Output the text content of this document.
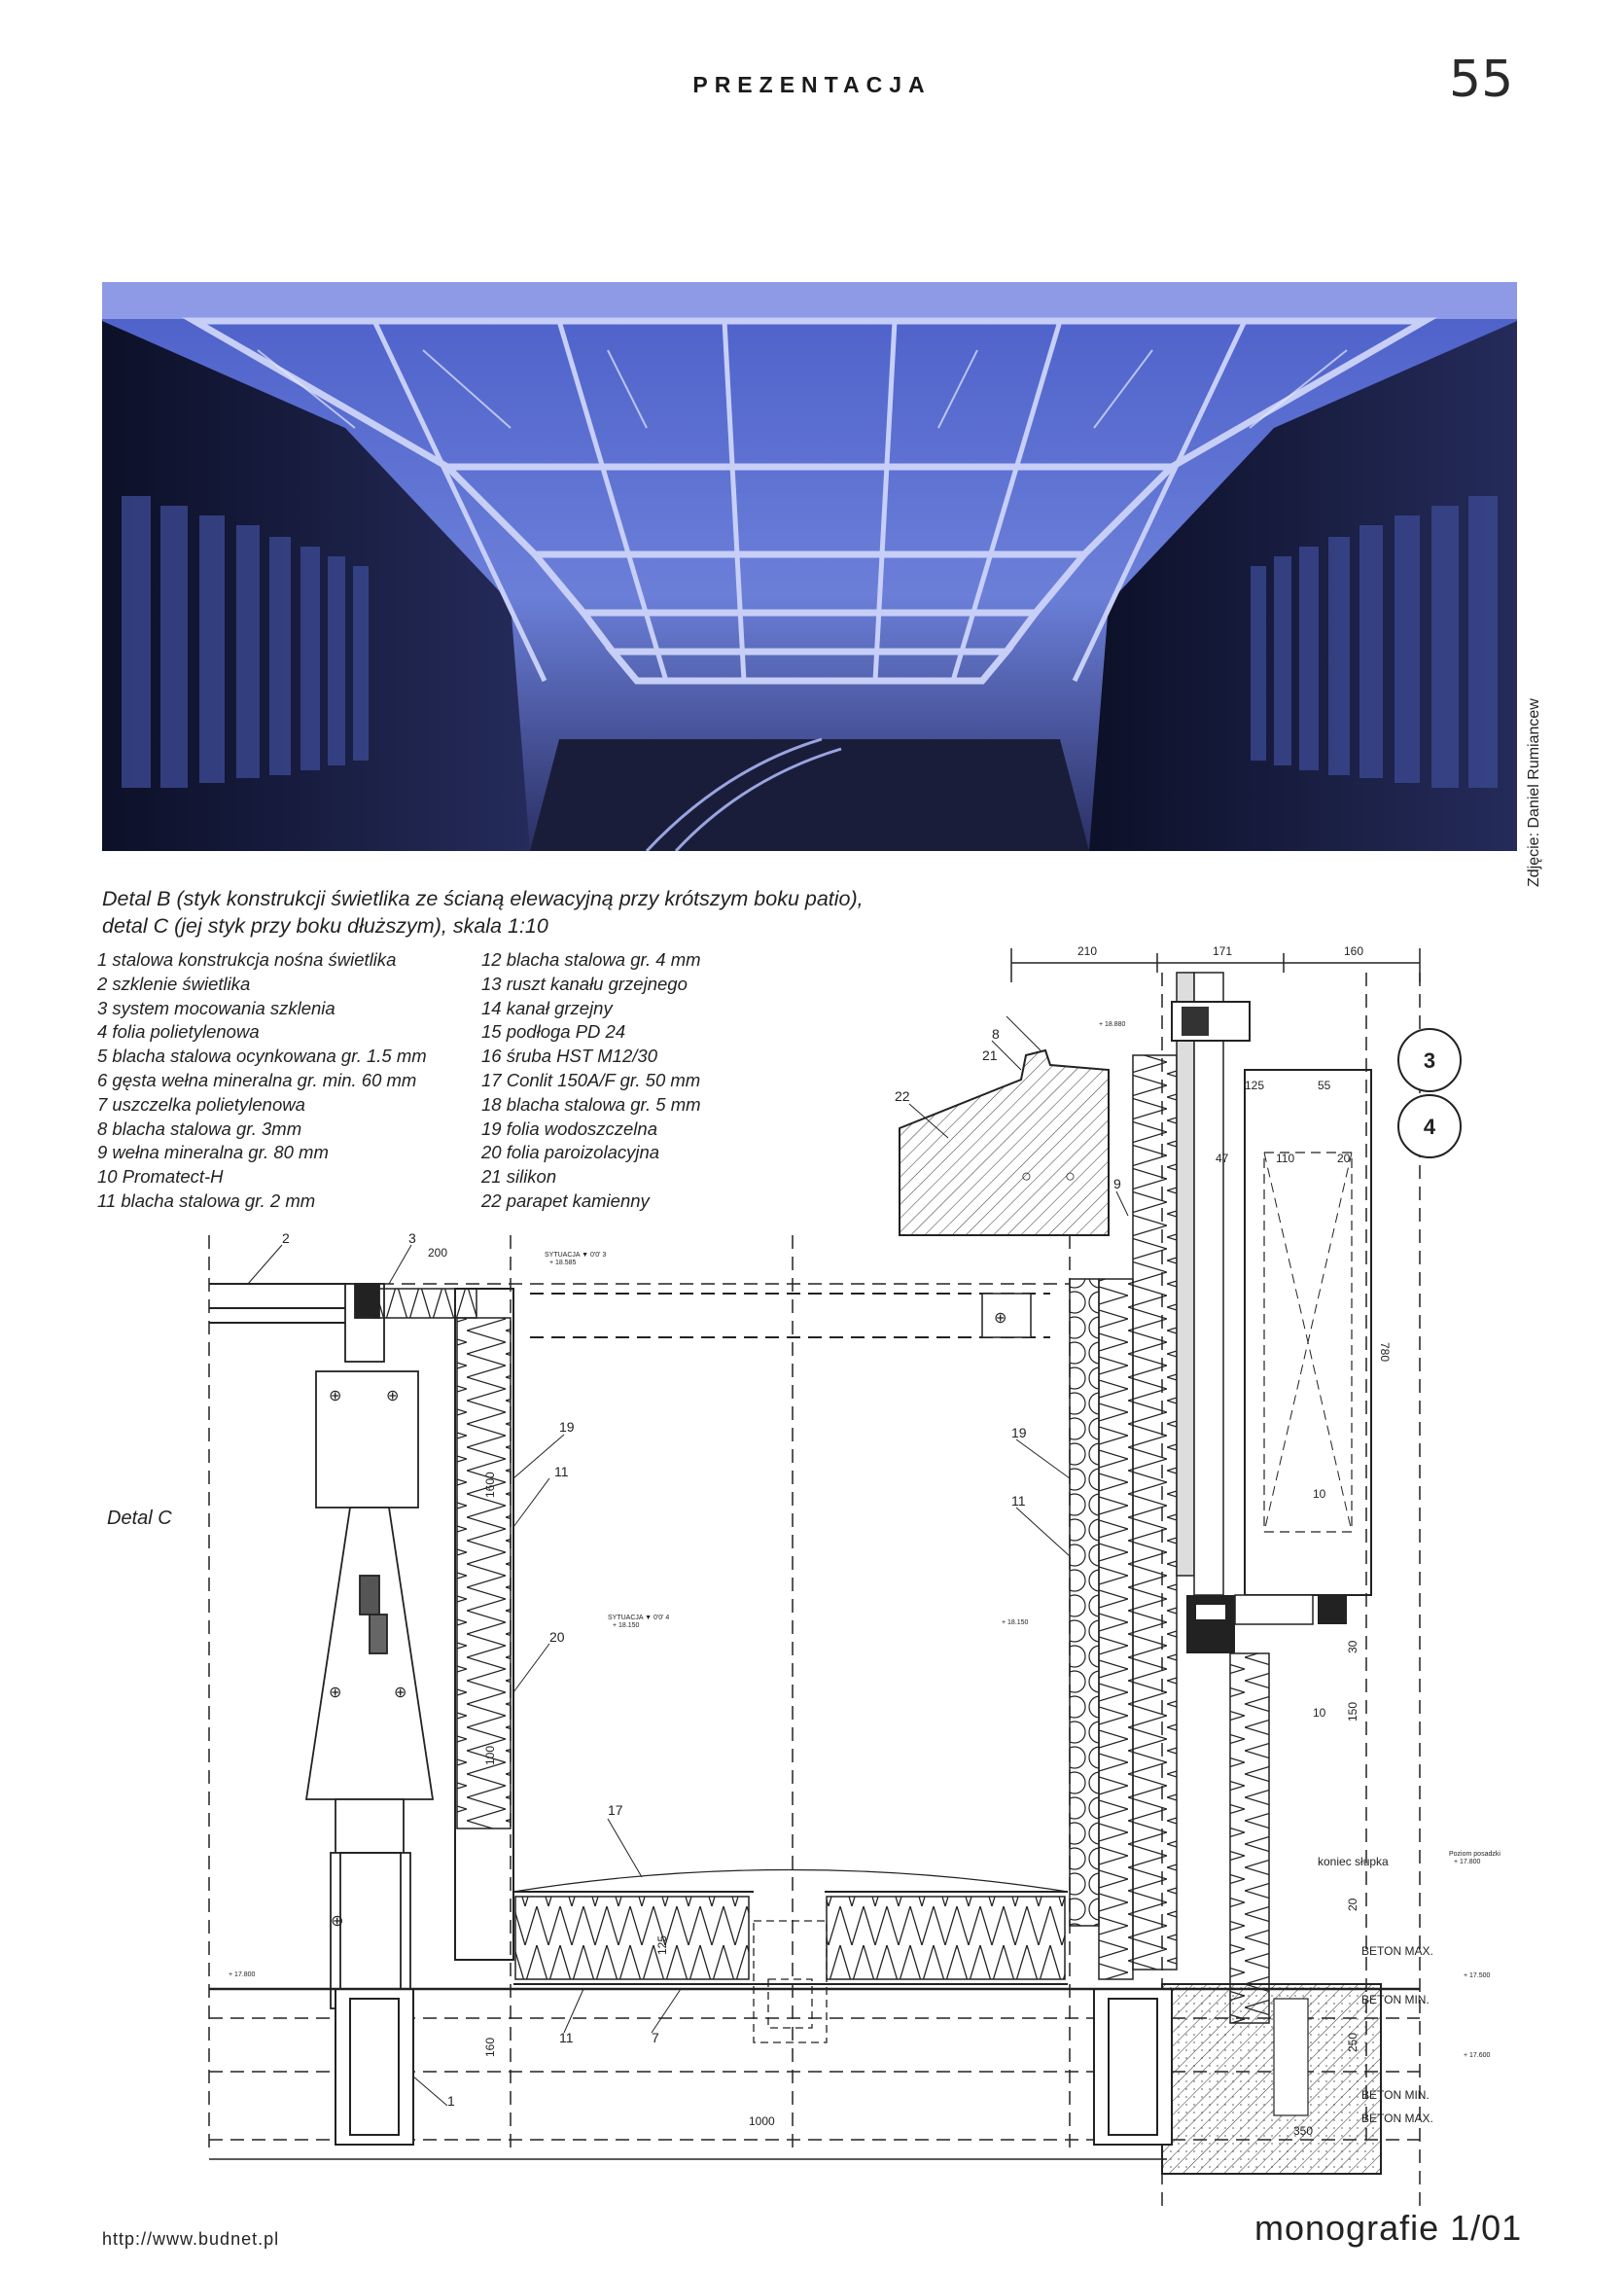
PREZENTACJA	55
Zdjęcie: Daniel Rumiancew
Detal B (styk konstrukcji świetlika ze ścianą elewacyjną przy krótszym boku patio),
detal C (jej styk przy boku dłuższym), skala 1:10
1 stalowa konstrukcja nośna świetlika
2 szklenie świetlika
3 system mocowania szklenia
4 folia polietylenowa
5 blacha stalowa ocynkowana gr. 1.5 mm
6 gęsta wełna mineralna gr. min. 60 mm
7 uszczelka polietylenowa
8 blacha stalowa gr. 3mm
9 wełna mineralna gr. 80 mm
10 Promatect-H
11 blacha stalowa gr. 2 mm
12 blacha stalowa gr. 4 mm
13 ruszt kanału grzejnego
14 kanał grzejny
15 podłoga PD 24
16 śruba HST M12/30
17 Conlit 150A/F gr. 50 mm
18 blacha stalowa gr. 5 mm
19 folia wodoszczelna
20 folia paroizolacyjna
21 silikon
22 parapet kamienny
Detal C
⊕	⊕
⊕	⊕
⊕
⊕
○ ○
210	171	160
125	55
47	110	20
200
1000
350
10
10
780
1600
160
125
150
20
30
100
250
1
2	3
7
8
9
11
11
11
17
19	19
20
21
22
3
4
+ 18.880
+ 18.150
+ 17.800	+ 17.500
+ 17.600
SYTUACJA ▼ 0'0' 3
+ 18.585
SYTUACJA ▼ 0'0' 4
+ 18.150
Poziom posadzki
+ 17.800
koniec słupka
BETON MAX.
BETON MIN.
BETON MIN.
BETON MAX.
http://www.budnet.pl	monografie 1/01
